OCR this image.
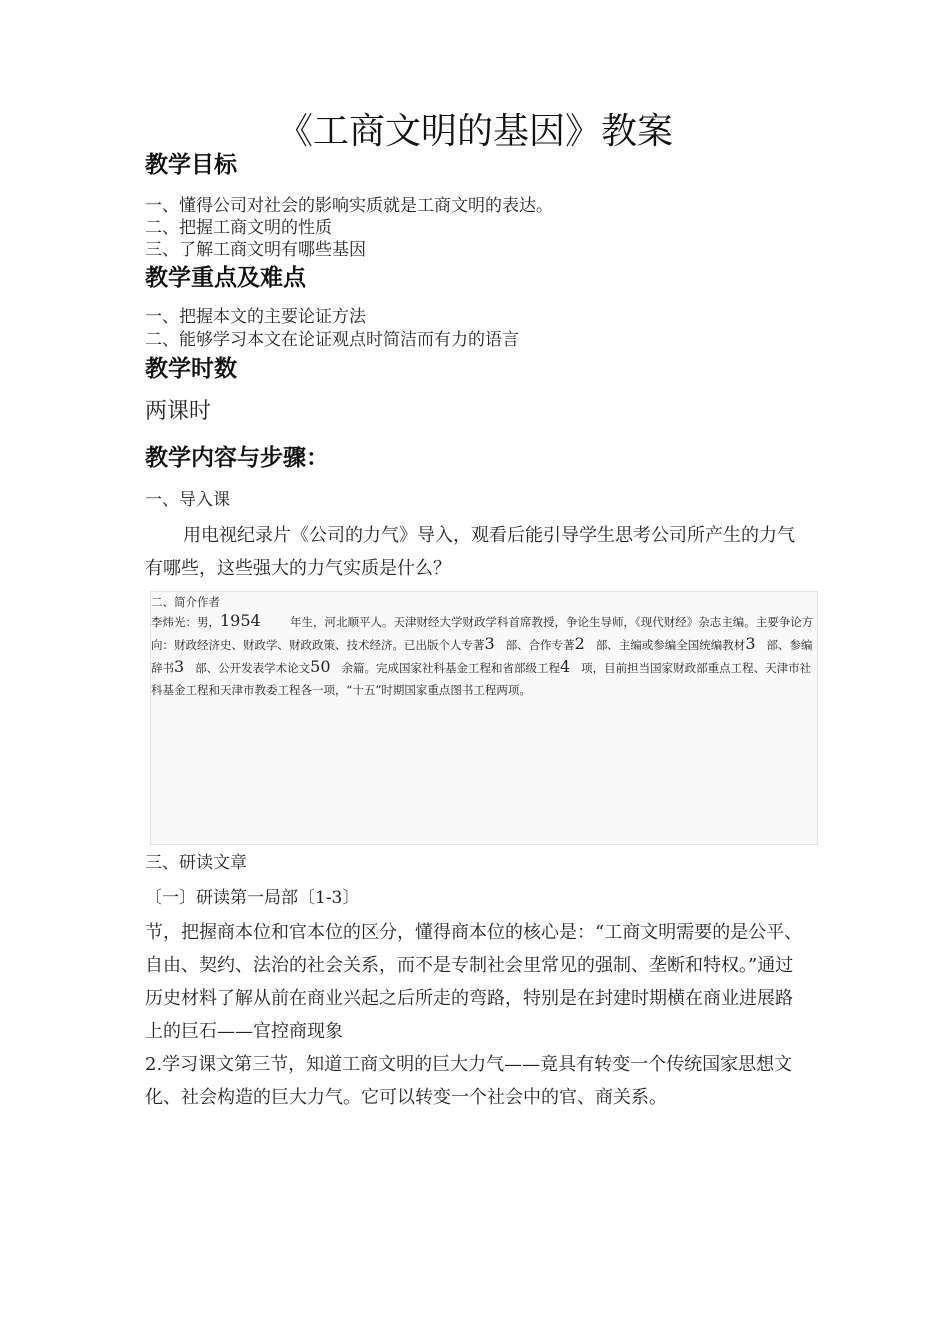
《工商文明的基因》教案
教学目标
一、懂得公司对社会的影响实质就是工商文明的表达。
二、把握工商文明的性质
三、了解工商文明有哪些基因
教学重点及难点
一、把握本文的主要论证方法
二、能够学习本文在论证观点时简洁而有力的语言
教学时数
两课时
教学内容与步骤：
一、导入课
用电视纪录片《公司的力气》导入，观看后能引导学生思考公司所产生的力气有哪些，这些强大的力气实质是什么？
二、简介作者
李炜光：男，1954	年生，河北顺平人。天津财经大学财政学科首席教授，争论生导师，《现代财经》杂志主编。主要争论方向：财政经济史、财政学、财政政策、技术经济。已出版个人专著3 部、合作专著2 部、主编或参编全国统编教材3 部、参编辞书3 部、公开发表学术论文50 余篇。完成国家社科基金工程和省部级工程4 项，目前担当国家财政部重点工程、天津市社科基金工程和天津市教委工程各一项，“十五”时期国家重点图书工程两项。
三、研读文章
〔一〕研读第一局部〔1-3〕
节，把握商本位和官本位的区分，懂得商本位的核心是：“工商文明需要的是公平、自由、契约、法治的社会关系，而不是专制社会里常见的强制、垄断和特权。”通过历史材料了解从前在商业兴起之后所走的弯路，特别是在封建时期横在商业进展路上的巨石——官控商现象
2.学习课文第三节，知道工商文明的巨大力气——竟具有转变一个传统国家思想文化、社会构造的巨大力气。它可以转变一个社会中的官、商关系。
